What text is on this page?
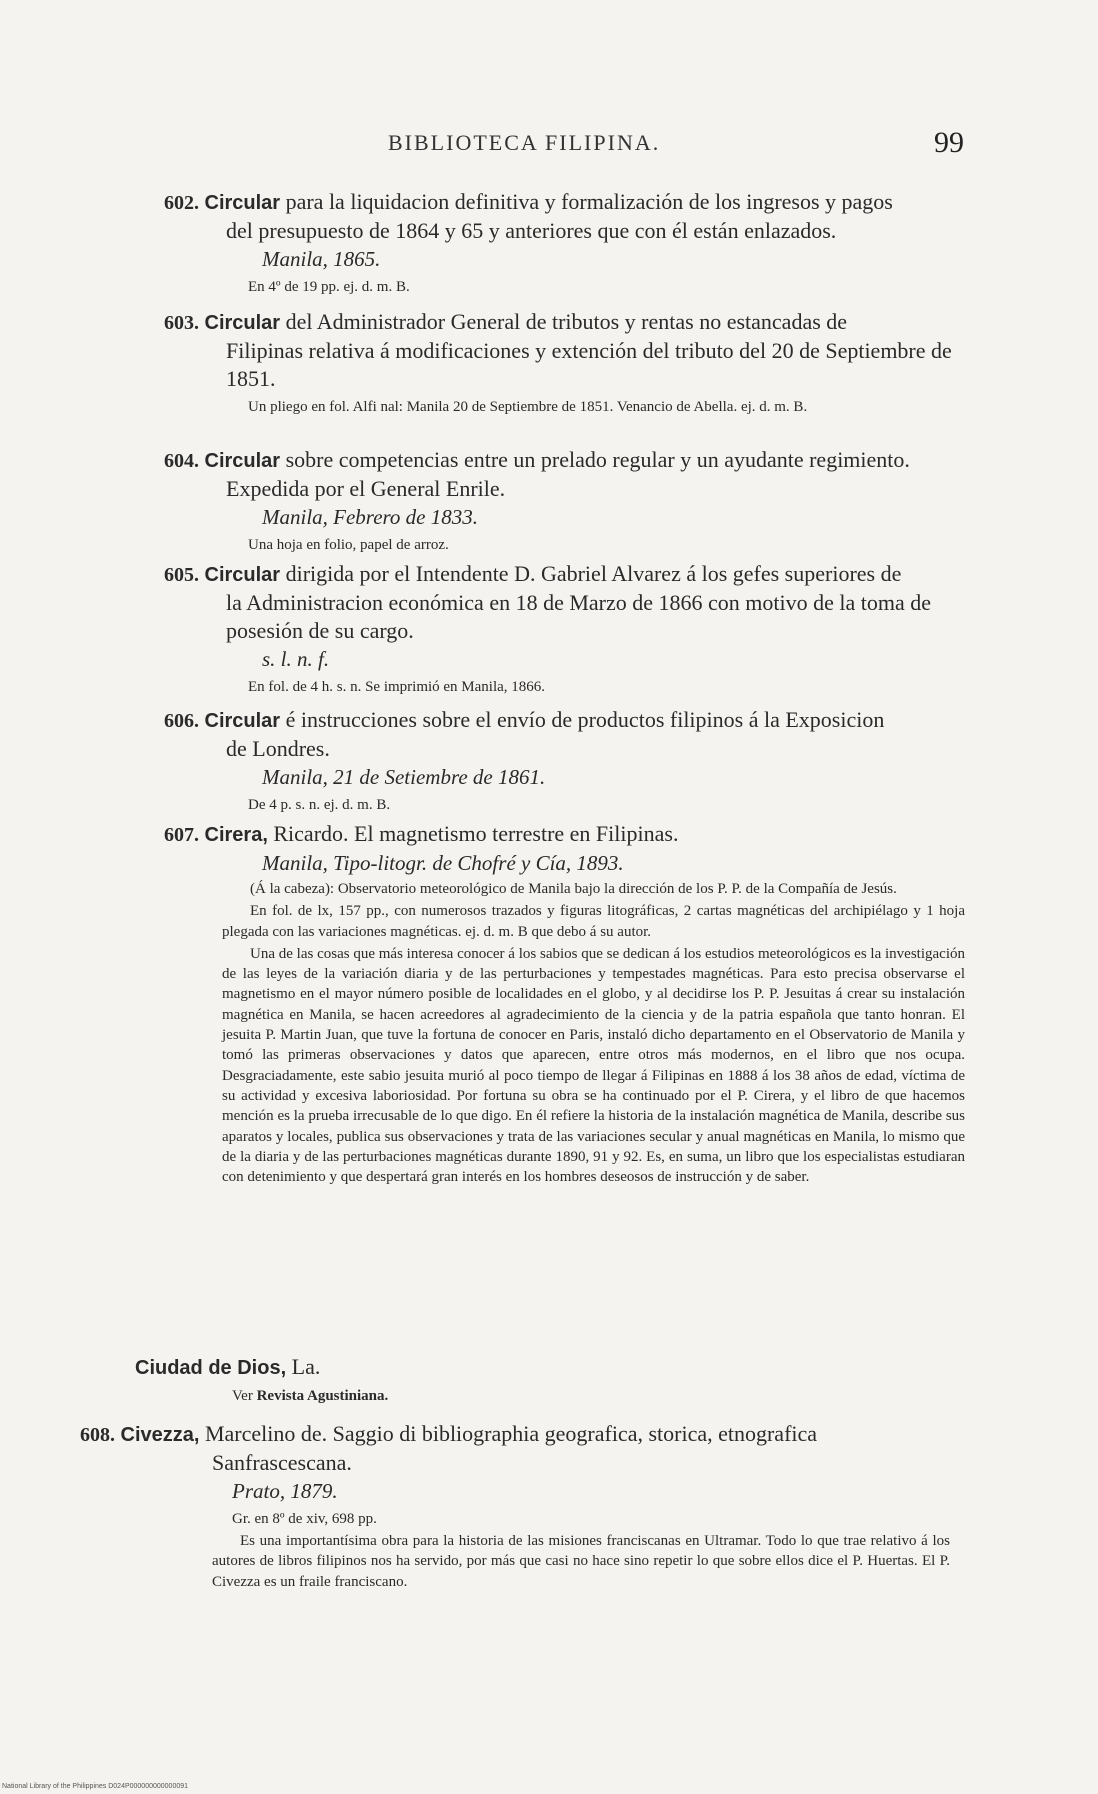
BIBLIOTECA FILIPINA.	99
602. Circular para la liquidacion definitiva y formalización de los ingresos y pagos
del presupuesto de 1864 y 65 y anteriores que con él están enlazados.
Manila, 1865.
En 4º de 19 pp. ej. d. m. B.
603. Circular del Administrador General de tributos y rentas no estancadas de
Filipinas relativa á modificaciones y extención del tributo del 20 de Septiembre de 1851.
Un pliego en fol. Alfi nal: Manila 20 de Septiembre de 1851. Venancio de Abella. ej. d. m. B.
604. Circular sobre competencias entre un prelado regular y un ayudante regimiento.
Expedida por el General Enrile.
Manila, Febrero de 1833.
Una hoja en folio, papel de arroz.
605. Circular dirigida por el Intendente D. Gabriel Alvarez á los gefes superiores de
la Administracion económica en 18 de Marzo de 1866 con motivo de la toma de posesión de su cargo.
s. l. n. f.
En fol. de 4 h. s. n. Se imprimió en Manila, 1866.
606. Circular é instrucciones sobre el envío de productos filipinos á la Exposicion
de Londres.
Manila, 21 de Setiembre de 1861.
De 4 p. s. n. ej. d. m. B.
607. Cirera, Ricardo. El magnetismo terrestre en Filipinas.
Manila, Tipo-litogr. de Chofré y Cía, 1893.
(Á la cabeza): Observatorio meteorológico de Manila bajo la dirección de los P. P. de la Compañía de Jesús.
En fol. de lx, 157 pp., con numerosos trazados y figuras litográficas, 2 cartas magnéticas del archipiélago y 1 hoja plegada con las variaciones magnéticas. ej. d. m. B que debo á su autor.
Una de las cosas que más interesa conocer á los sabios que se dedican á los estudios meteorológicos es la investigación de las leyes de la variación diaria y de las perturbaciones y tempestades magnéticas. Para esto precisa observarse el magnetismo en el mayor número posible de localidades en el globo, y al decidirse los P. P. Jesuitas á crear su instalación magnética en Manila, se hacen acreedores al agradecimiento de la ciencia y de la patria española que tanto honran. El jesuita P. Martin Juan, que tuve la fortuna de conocer en Paris, instaló dicho departamento en el Observatorio de Manila y tomó las primeras observaciones y datos que aparecen, entre otros más modernos, en el libro que nos ocupa. Desgraciadamente, este sabio jesuita murió al poco tiempo de llegar á Filipinas en 1888 á los 38 años de edad, víctima de su actividad y excesiva laboriosidad. Por fortuna su obra se ha continuado por el P. Cirera, y el libro de que hacemos mención es la prueba irrecusable de lo que digo. En él refiere la historia de la instalación magnética de Manila, describe sus aparatos y locales, publica sus observaciones y trata de las variaciones secular y anual magnéticas en Manila, lo mismo que de la diaria y de las perturbaciones magnéticas durante 1890, 91 y 92. Es, en suma, un libro que los especialistas estudiaran con detenimiento y que despertará gran interés en los hombres deseosos de instrucción y de saber.
Ciudad de Dios, La.
Ver Revista Agustiniana.
608. Civezza, Marcelino de. Saggio di bibliographia geografica, storica, etnografica
Sanfrascescana.
Prato, 1879.
Gr. en 8º de xiv, 698 pp.
Es una importantísima obra para la historia de las misiones franciscanas en Ultramar. Todo lo que trae relativo á los autores de libros filipinos nos ha servido, por más que casi no hace sino repetir lo que sobre ellos dice el P. Huertas. El P. Civezza es un fraile franciscano.
National Library of the Philippines D024P000000000000091
